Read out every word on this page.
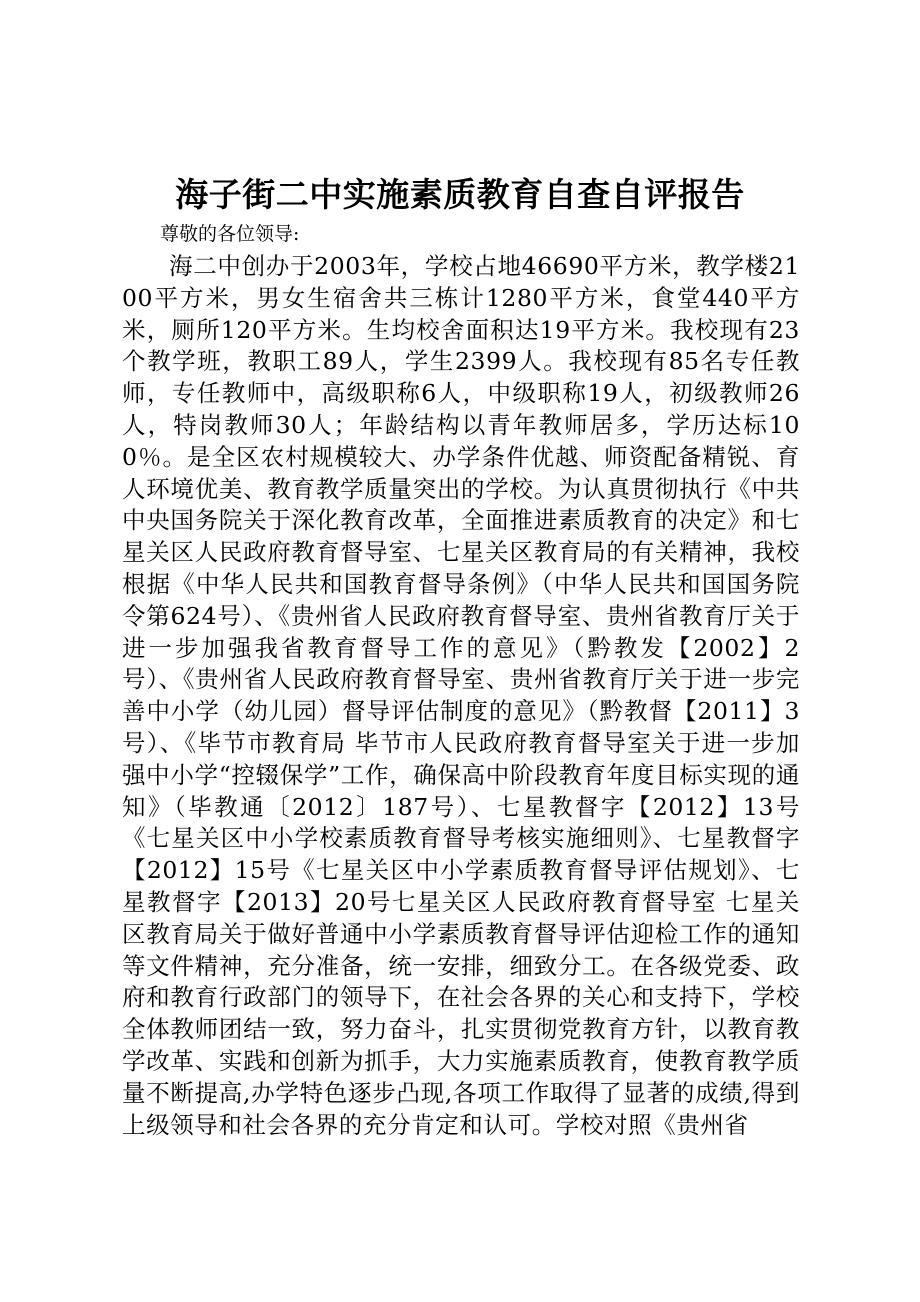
海子街二中实施素质教育自查自评报告

尊敬的各位领导:

海二中创办于2003年，学校占地46690平方米，教学楼2100平方米，男女生宿舍共三栋计1280平方米，食堂440平方米，厕所120平方米。生均校舍面积达19平方米。我校现有23个教学班，教职工89人，学生2399人。我校现有85名专任教师，专任教师中，高级职称6人，中级职称19人，初级教师26人，特岗教师30人；年龄结构以青年教师居多，学历达标100％。是全区农村规模较大、办学条件优越、师资配备精锐、育人环境优美、教育教学质量突出的学校。为认真贯彻执行《中共中央国务院关于深化教育改革，全面推进素质教育的决定》和七星关区人民政府教育督导室、七星关区教育局的有关精神，我校根据《中华人民共和国教育督导条例》（中华人民共和国国务院令第624号）、《贵州省人民政府教育督导室、贵州省教育厅关于进一步加强我省教育督导工作的意见》（黔教发【2002】2号）、《贵州省人民政府教育督导室、贵州省教育厅关于进一步完善中小学（幼儿园）督导评估制度的意见》（黔教督【2011】3号）、《毕节市教育局 毕节市人民政府教育督导室关于进一步加强中小学“控辍保学”工作，确保高中阶段教育年度目标实现的通知》（毕教通〔2012〕187号）、七星教督字【2012】13号《七星关区中小学校素质教育督导考核实施细则》、七星教督字【2012】15号《七星关区中小学素质教育督导评估规划》、七星教督字【2013】20号七星关区人民政府教育督导室 七星关区教育局关于做好普通中小学素质教育督导评估迎检工作的通知等文件精神，充分准备，统一安排，细致分工。在各级党委、政府和教育行政部门的领导下，在社会各界的关心和支持下，学校全体教师团结一致，努力奋斗，扎实贯彻党教育方针，以教育教学改革、实践和创新为抓手，大力实施素质教育，使教育教学质量不断提高,办学特色逐步凸现,各项工作取得了显著的成绩,得到上级领导和社会各界的充分肯定和认可。学校对照《贵州省
